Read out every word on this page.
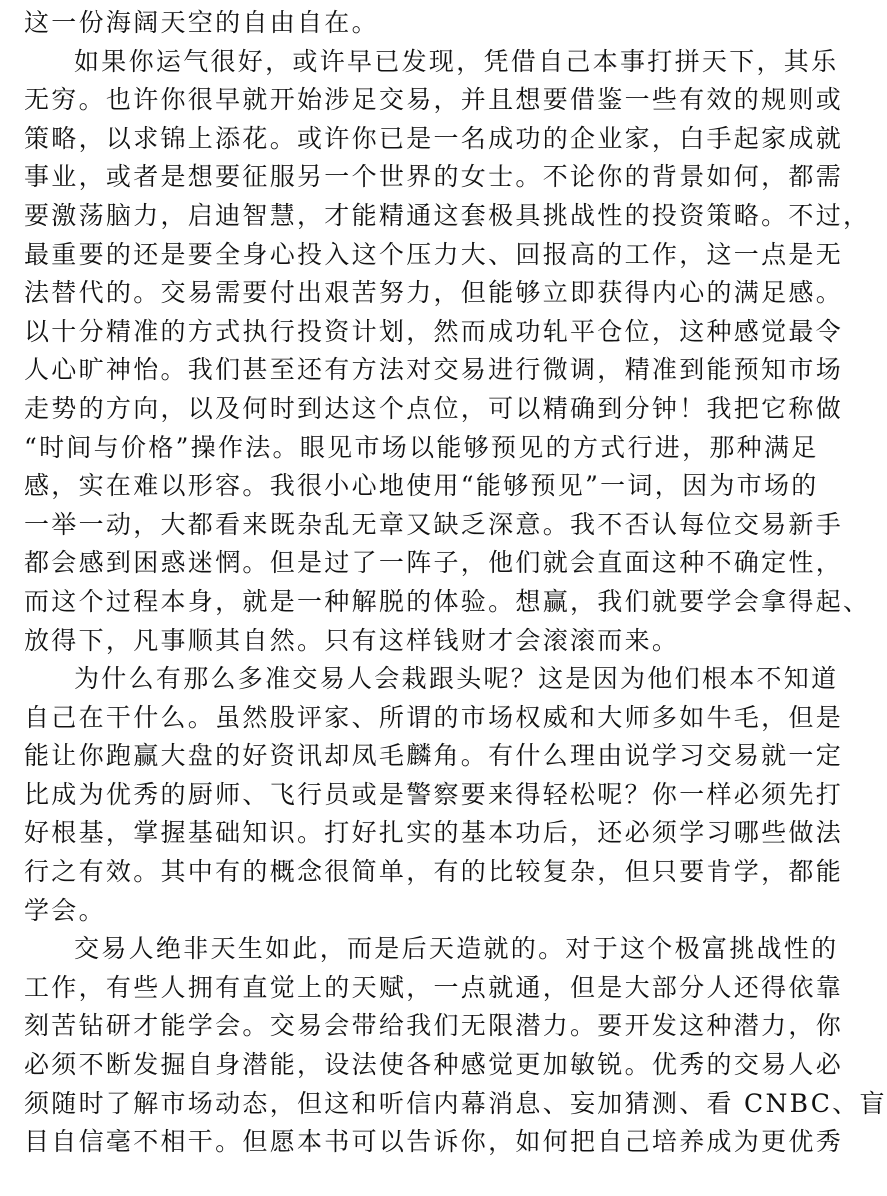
这一份海阔天空的自由自在。
如果你运气很好，或许早已发现，凭借自己本事打拼天下，其乐
无穷。也许你很早就开始涉足交易，并且想要借鉴一些有效的规则或
策略，以求锦上添花。或许你已是一名成功的企业家，白手起家成就
事业，或者是想要征服另一个世界的女士。不论你的背景如何，都需
要激荡脑力，启迪智慧，才能精通这套极具挑战性的投资策略。不过，
最重要的还是要全身心投入这个压力大、回报高的工作，这一点是无
法替代的。交易需要付出艰苦努力，但能够立即获得内心的满足感。
以十分精准的方式执行投资计划，然而成功轧平仓位，这种感觉最令
人心旷神怡。我们甚至还有方法对交易进行微调，精准到能预知市场
走势的方向，以及何时到达这个点位，可以精确到分钟！我把它称做
“时间与价格”操作法。眼见市场以能够预见的方式行进，那种满足
感，实在难以形容。我很小心地使用“能够预见”一词，因为市场的
一举一动，大都看来既杂乱无章又缺乏深意。我不否认每位交易新手
都会感到困惑迷惘。但是过了一阵子，他们就会直面这种不确定性，
而这个过程本身，就是一种解脱的体验。想赢，我们就要学会拿得起、
放得下，凡事顺其自然。只有这样钱财才会滚滚而来。
为什么有那么多准交易人会栽跟头呢？这是因为他们根本不知道
自己在干什么。虽然股评家、所谓的市场权威和大师多如牛毛，但是
能让你跑赢大盘的好资讯却凤毛麟角。有什么理由说学习交易就一定
比成为优秀的厨师、飞行员或是警察要来得轻松呢？你一样必须先打
好根基，掌握基础知识。打好扎实的基本功后，还必须学习哪些做法
行之有效。其中有的概念很简单，有的比较复杂，但只要肯学，都能
学会。
交易人绝非天生如此，而是后天造就的。对于这个极富挑战性的
工作，有些人拥有直觉上的天赋，一点就通，但是大部分人还得依靠
刻苦钻研才能学会。交易会带给我们无限潜力。要开发这种潜力，你
必须不断发掘自身潜能，设法使各种感觉更加敏锐。优秀的交易人必
须随时了解市场动态，但这和听信内幕消息、妄加猜测、看 CNBC、盲
目自信毫不相干。但愿本书可以告诉你，如何把自己培养成为更优秀
